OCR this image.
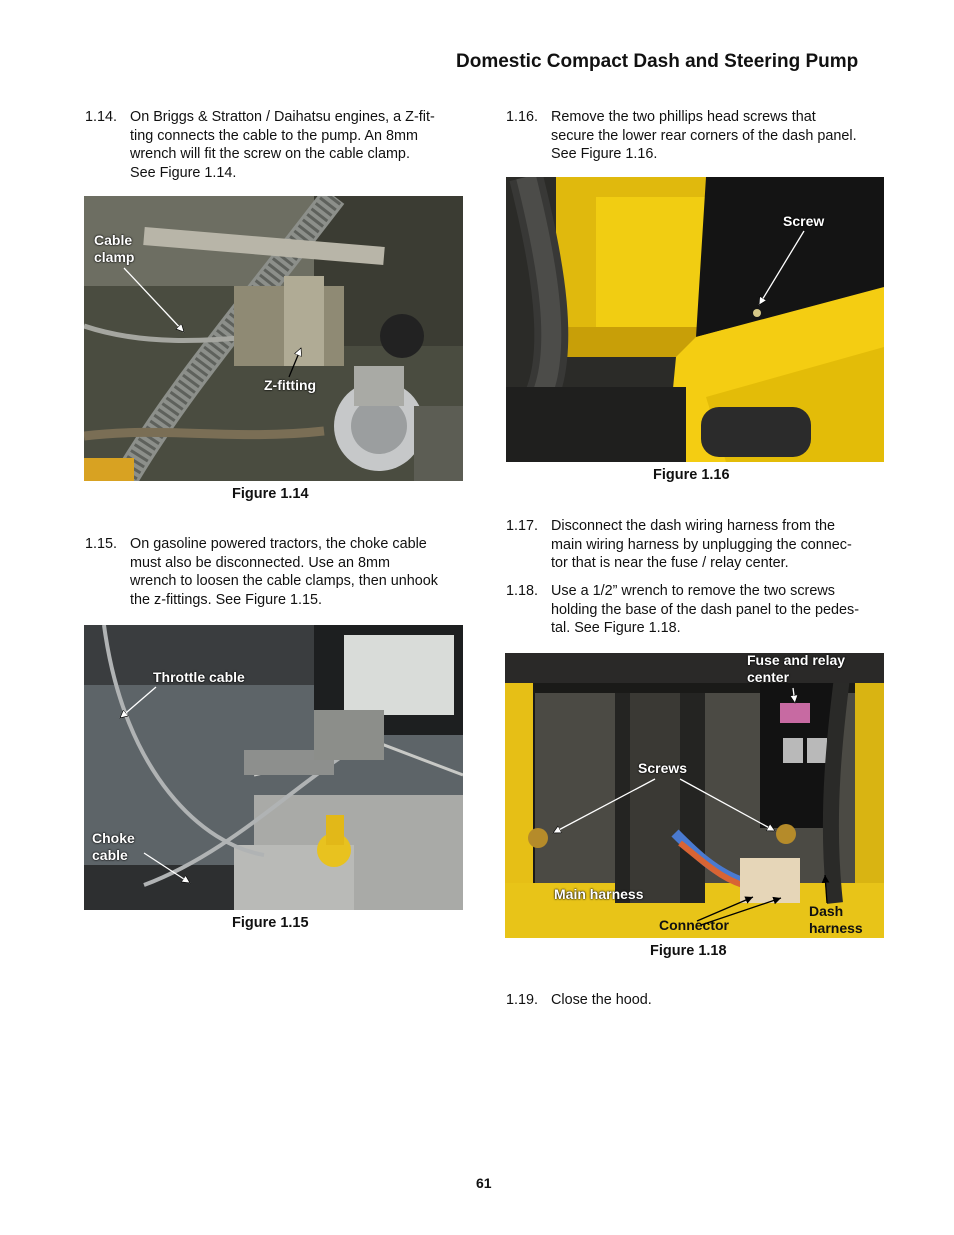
Domestic Compact Dash and Steering Pump
1.14. On Briggs & Stratton / Daihatsu engines, a Z-fit-
ting connects the cable to the pump. An 8mm
wrench will fit the screw on the cable clamp.
See Figure 1.14.
Cable
clamp
Z-fitting
Figure 1.14
1.15. On gasoline powered tractors, the choke cable
must also be disconnected. Use an 8mm
wrench to loosen the cable clamps, then unhook
the z-fittings. See Figure 1.15.
Throttle cable
Choke
cable
Figure 1.15
1.16. Remove the two phillips head screws that
secure the lower rear corners of the dash panel.
See Figure 1.16.
Screw
Figure 1.16
1.17. Disconnect the dash wiring harness from the
main wiring harness by unplugging the connec-
tor that is near the fuse / relay center.
1.18. Use a 1/2” wrench to remove the two screws
holding the base of the dash panel to the pedes-
tal. See Figure 1.18.
Fuse and relay
center
Screws
Main harness
Connector
Dash
harness
Figure 1.18
1.19. Close the hood.
61
